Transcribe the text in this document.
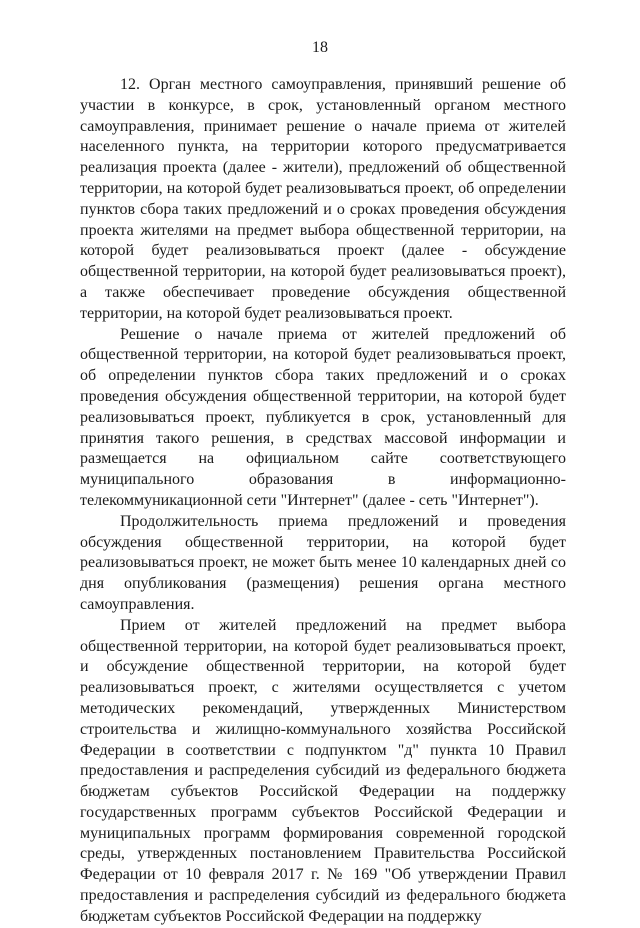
18

12. Орган местного самоуправления, принявший решение об участии в конкурсе, в срок, установленный органом местного самоуправления, принимает решение о начале приема от жителей населенного пункта, на территории которого предусматривается реализация проекта (далее - жители), предложений об общественной территории, на которой будет реализовываться проект, об определении пунктов сбора таких предложений и о сроках проведения обсуждения проекта жителями на предмет выбора общественной территории, на которой будет реализовываться проект (далее - обсуждение общественной территории, на которой будет реализовываться проект), а также обеспечивает проведение обсуждения общественной территории, на которой будет реализовываться проект.

Решение о начале приема от жителей предложений об общественной территории, на которой будет реализовываться проект, об определении пунктов сбора таких предложений и о сроках проведения обсуждения общественной территории, на которой будет реализовываться проект, публикуется в срок, установленный для принятия такого решения, в средствах массовой информации и размещается на официальном сайте соответствующего муниципального образования в информационно-телекоммуникационной сети "Интернет" (далее - сеть "Интернет").

Продолжительность приема предложений и проведения обсуждения общественной территории, на которой будет реализовываться проект, не может быть менее 10 календарных дней со дня опубликования (размещения) решения органа местного самоуправления.

Прием от жителей предложений на предмет выбора общественной территории, на которой будет реализовываться проект, и обсуждение общественной территории, на которой будет реализовываться проект, с жителями осуществляется с учетом методических рекомендаций, утвержденных Министерством строительства и жилищно-коммунального хозяйства Российской Федерации в соответствии с подпунктом "д" пункта 10 Правил предоставления и распределения субсидий из федерального бюджета бюджетам субъектов Российской Федерации на поддержку государственных программ субъектов Российской Федерации и муниципальных программ формирования современной городской среды, утвержденных постановлением Правительства Российской Федерации от 10 февраля 2017 г. № 169 "Об утверждении Правил предоставления и распределения субсидий из федерального бюджета бюджетам субъектов Российской Федерации на поддержку
